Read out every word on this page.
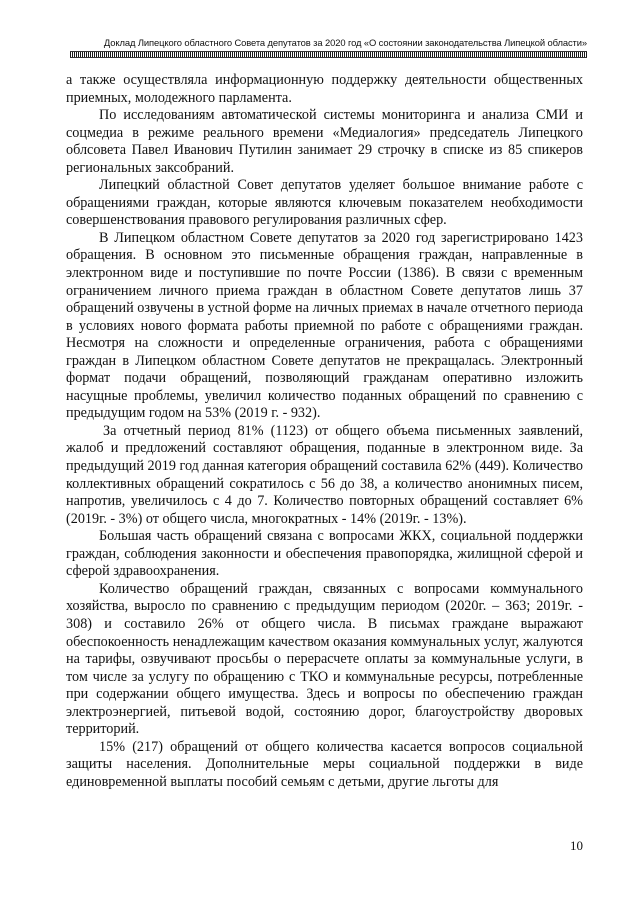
Доклад Липецкого областного Совета депутатов за 2020 год «О состоянии законодательства Липецкой области»

а также осуществляла информационную поддержку деятельности общественных приемных, молодежного парламента.

По исследованиям автоматической системы мониторинга и анализа СМИ и соцмедиа в режиме реального времени «Медиалогия» председатель Липецкого облсовета Павел Иванович Путилин занимает 29 строчку в списке из 85 спикеров региональных заксобраний.

Липецкий областной Совет депутатов уделяет большое внимание работе с обращениями граждан, которые являются ключевым показателем необходимости совершенствования правового регулирования различных сфер.

В Липецком областном Совете депутатов за 2020 год зарегистрировано 1423 обращения. В основном это письменные обращения граждан, направленные в электронном виде и поступившие по почте России (1386). В связи с временным ограничением личного приема граждан в областном Совете депутатов лишь 37 обращений озвучены в устной форме на личных приемах в начале отчетного периода в условиях нового формата работы приемной по работе с обращениями граждан. Несмотря на сложности и определенные ограничения, работа с обращениями граждан в Липецком областном Совете депутатов не прекращалась. Электронный формат подачи обращений, позволяющий гражданам оперативно изложить насущные проблемы, увеличил количество поданных обращений по сравнению с предыдущим годом на 53% (2019 г. - 932).

За отчетный период 81% (1123) от общего объема письменных заявлений, жалоб и предложений составляют обращения, поданные в электронном виде. За предыдущий 2019 год данная категория обращений составила 62% (449). Количество коллективных обращений сократилось с 56 до 38, а количество анонимных писем, напротив, увеличилось с 4 до 7. Количество повторных обращений составляет 6% (2019г. - 3%) от общего числа, многократных - 14% (2019г. - 13%).

Большая часть обращений связана с вопросами ЖКХ, социальной поддержки граждан, соблюдения законности и обеспечения правопорядка, жилищной сферой и сферой здравоохранения.

Количество обращений граждан, связанных с вопросами коммунального хозяйства, выросло по сравнению с предыдущим периодом (2020г. – 363; 2019г. - 308) и составило 26% от общего числа. В письмах граждане выражают обеспокоенность ненадлежащим качеством оказания коммунальных услуг, жалуются на тарифы, озвучивают просьбы о перерасчете оплаты за коммунальные услуги, в том числе за услугу по обращению с ТКО и коммунальные ресурсы, потребленные при содержании общего имущества. Здесь и вопросы по обеспечению граждан электроэнергией, питьевой водой, состоянию дорог, благоустройству дворовых территорий.

15% (217) обращений от общего количества касается вопросов социальной защиты населения. Дополнительные меры социальной поддержки в виде единовременной выплаты пособий семьям с детьми, другие льготы для

10
